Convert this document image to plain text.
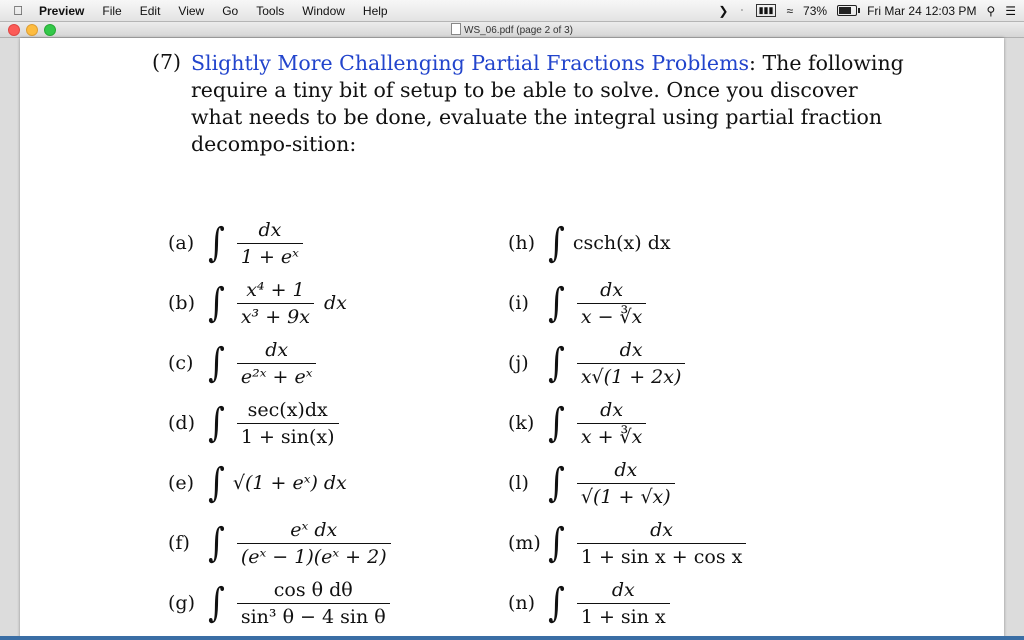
Preview	File	Edit	View	Go	Tools	Window	Help	❯ ᛫	▮▮▮ ≈ 73%	Fri Mar 24 12:03 PM ⚲ ☰
WS_06.pdf (page 2 of 3)
(7) Slightly More Challenging Partial Fractions Problems: The following require a tiny bit of setup to be able to solve. Once you discover what needs to be done, evaluate the integral using partial fraction decompo-sition:
(a) ∫ $\frac{dx}{\text{1 + eˣ}}$
(b) ∫ $\frac{\text{x⁴ + 1}}{\text{x³ + 9x}}$ dx
(c) ∫ $\frac{dx}{\text{e²ˣ + eˣ}}$
(d) ∫ $\frac{\sec(x)dx}{1 + \sin(x)}$
(e) ∫ √(1 + eˣ) dx
(f) ∫ $\frac{\text{eˣ dx}}{\text{(eˣ − 1)(eˣ + 2)}}$
(g) ∫ $\frac{\text{cos θ dθ}}{\text{sin³ θ − 4 sin θ}}$
(h) ∫ csch(x) dx
(i) ∫ $\frac{dx}{x - ∛x}$
(j) ∫ $\frac{dx}{x√(1 + 2x)}$
(k) ∫ $\frac{dx}{x + ∛x}$
(l) ∫ $\frac{dx}{√(1 + √x)}$
(m) ∫ $\frac{dx}{\text{1 + sin x + cos x}}$
(n) ∫ $\frac{dx}{\text{1 + sin x}}$
